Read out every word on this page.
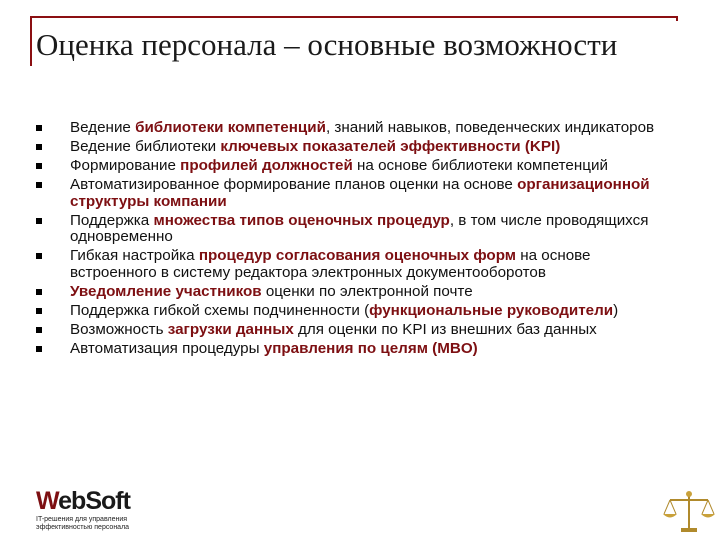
Оценка персонала – основные возможности
Ведение библиотеки компетенций, знаний навыков, поведенческих индикаторов
Ведение библиотеки ключевых показателей эффективности (KPI)
Формирование профилей должностей на основе библиотеки компетенций
Автоматизированное формирование планов оценки на основе организационной структуры компании
Поддержка множества типов оценочных процедур, в том числе проводящихся одновременно
Гибкая настройка процедур согласования оценочных форм на основе встроенного в систему редактора электронных документооборотов
Уведомление участников оценки по электронной почте
Поддержка гибкой схемы подчиненности (функциональные руководители)
Возможность загрузки данных для оценки по KPI из внешних баз данных
Автоматизация процедуры управления по целям (MBO)
WebSoft
IT-решения для управления эффективностью персонала
